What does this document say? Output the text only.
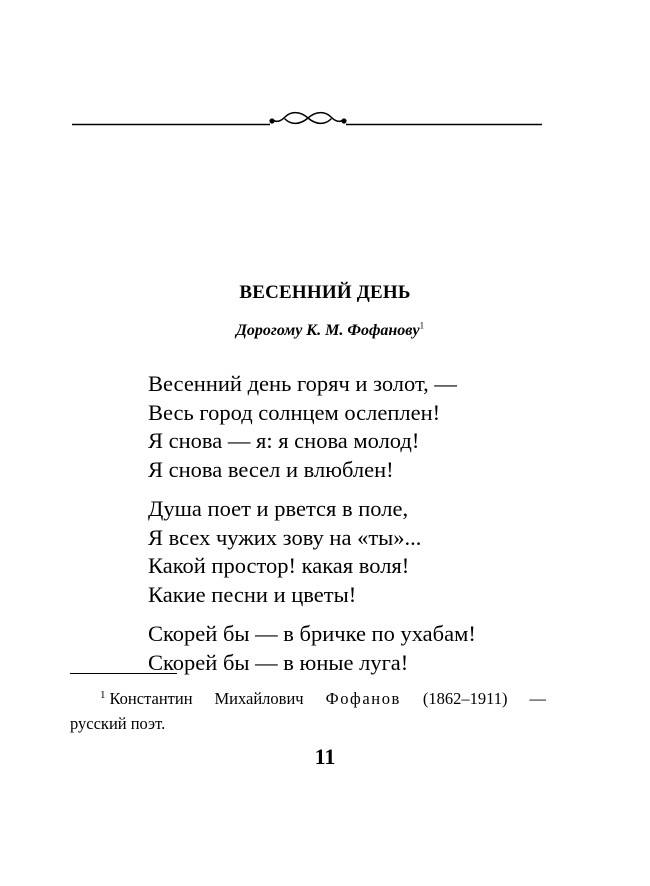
ВЕСЕННИЙ ДЕНЬ
Дорогому К. М. Фофанову$^1$
Весенний день горяч и золот, —
Весь город солнцем ослеплен!
Я снова — я: я снова молод!
Я снова весел и влюблен!
Душа поет и рвется в поле,
Я всех чужих зову на «ты»...
Какой простор! какая воля!
Какие песни и цветы!
Скорей бы — в бричке по ухабам!
Скорей бы — в юные луга!
$^1$ Константин Михайлович Фофанов (1862–1911) —
русский поэт.
11
